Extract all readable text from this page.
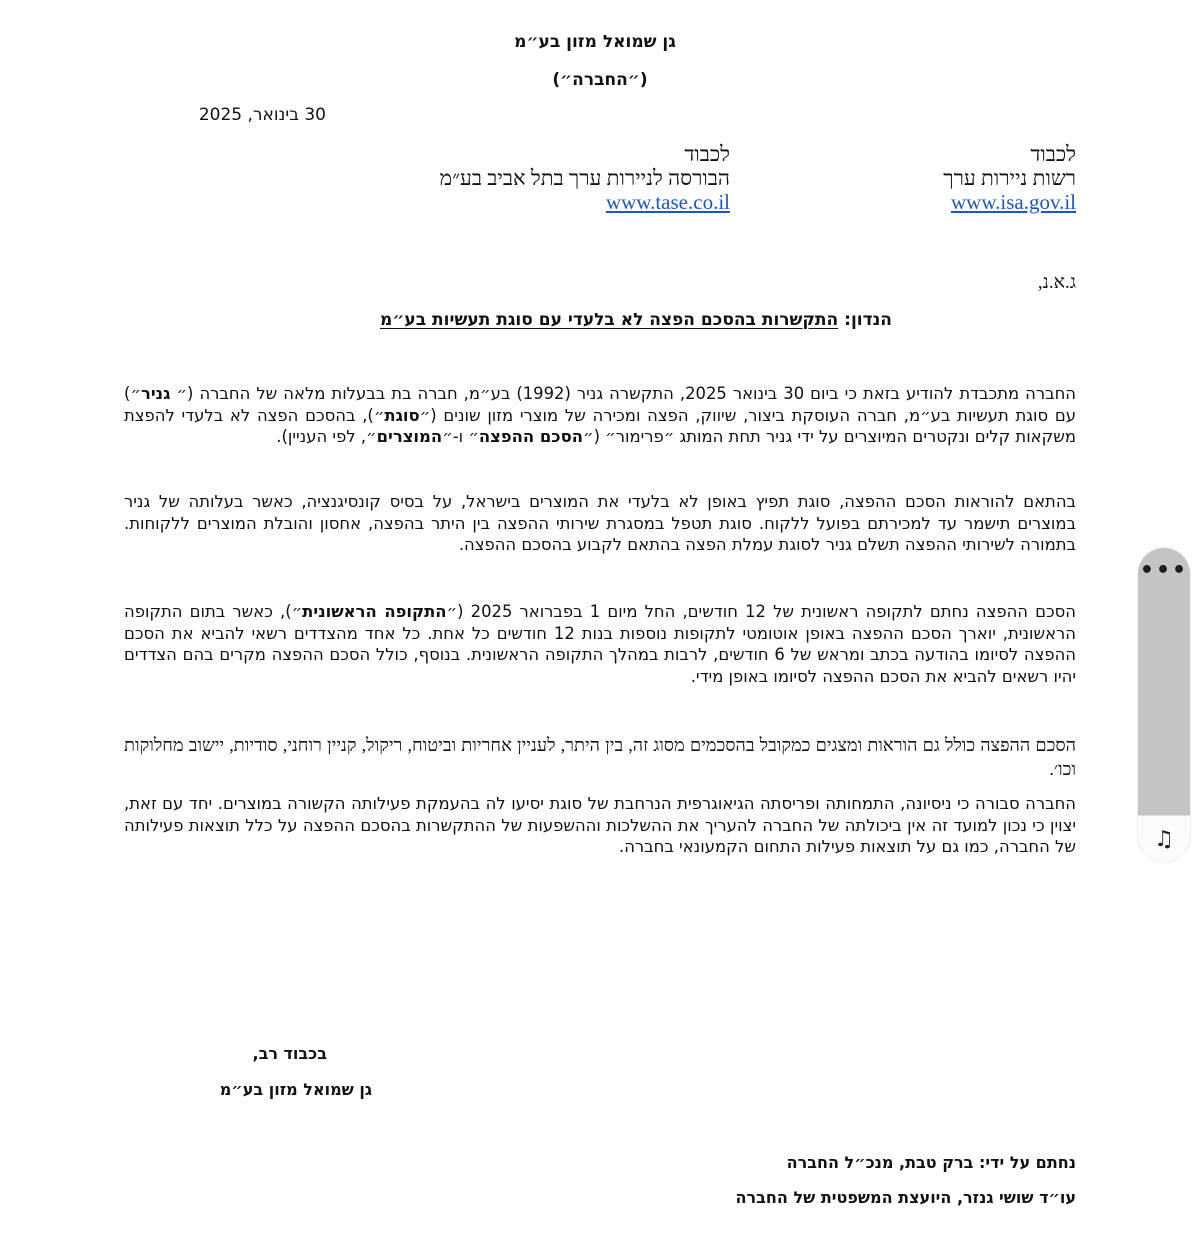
גן שמואל מזון בע״מ
(״החברה״)
30 בינואר, 2025
לכבוד
רשות ניירות ערך
www.isa.gov.il
לכבוד
הבורסה לניירות ערך בתל אביב בע״מ
www.tase.co.il
ג.א.נ,
הנדון: התקשרות בהסכם הפצה לא בלעדי עם סוגת תעשיות בע״מ
החברה מתכבדת להודיע בזאת כי ביום 30 בינואר 2025, התקשרה גניר (1992) בע״מ, חברה בת בבעלות מלאה של החברה (״ גניר״) עם סוגת תעשיות בע״מ, חברה העוסקת ביצור, שיווק, הפצה ומכירה של מוצרי מזון שונים (״סוגת״), בהסכם הפצה לא בלעדי להפצת משקאות קלים ונקטרים המיוצרים על ידי גניר תחת המותג ״פרימור״ (״הסכם ההפצה״ ו-״המוצרים״, לפי העניין).
בהתאם להוראות הסכם ההפצה, סוגת תפיץ באופן לא בלעדי את המוצרים בישראל, על בסיס קונסיגנציה, כאשר בעלותה של גניר במוצרים תישמר עד למכירתם בפועל ללקוח. סוגת תטפל במסגרת שירותי ההפצה בין היתר בהפצה, אחסון והובלת המוצרים ללקוחות. בתמורה לשירותי ההפצה תשלם גניר לסוגת עמלת הפצה בהתאם לקבוע בהסכם ההפצה.
הסכם ההפצה נחתם לתקופה ראשונית של 12 חודשים, החל מיום 1 בפברואר 2025 (״התקופה הראשונית״), כאשר בתום התקופה הראשונית, יוארך הסכם ההפצה באופן אוטומטי לתקופות נוספות בנות 12 חודשים כל אחת. כל אחד מהצדדים רשאי להביא את הסכם ההפצה לסיומו בהודעה בכתב ומראש של 6 חודשים, לרבות במהלך התקופה הראשונית. בנוסף, כולל הסכם ההפצה מקרים בהם הצדדים יהיו רשאים להביא את הסכם ההפצה לסיומו באופן מידי.
הסכם ההפצה כולל גם הוראות ומצגים כמקובל בהסכמים מסוג זה, בין היתר, לעניין אחריות וביטוח, ריקול, קניין רוחני, סודיות, יישוב מחלוקות וכו׳.
החברה סבורה כי ניסיונה, התמחותה ופריסתה הגיאוגרפית הנרחבת של סוגת יסיעו לה בהעמקת פעילותה הקשורה במוצרים. יחד עם זאת, יצוין כי נכון למועד זה אין ביכולתה של החברה להעריך את ההשלכות וההשפעות של ההתקשרות בהסכם ההפצה על כלל תוצאות פעילותה של החברה, כמו גם על תוצאות פעילות התחום הקמעונאי בחברה.
בכבוד רב,
גן שמואל מזון בע״מ
נחתם על ידי: ברק טבת, מנכ״ל החברה
עו״ד שושי גנזר, היועצת המשפטית של החברה
•••
♫
